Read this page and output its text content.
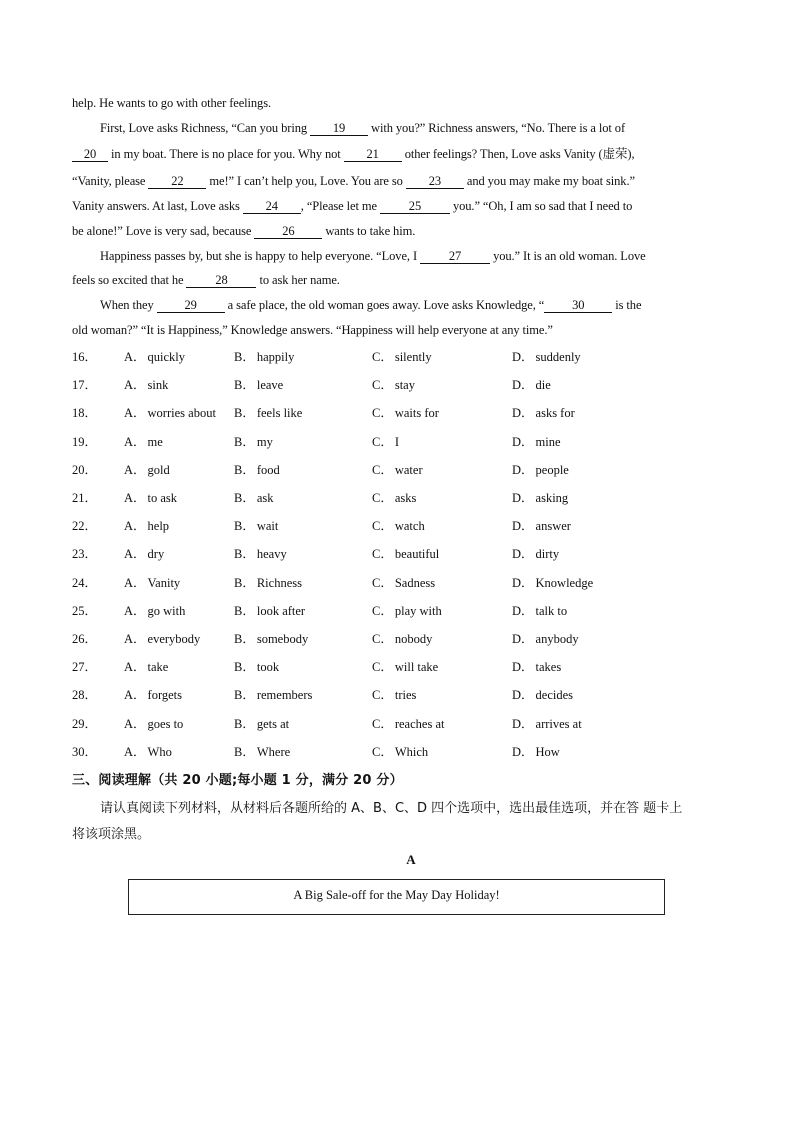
help. He wants to go with other feelings.
First, Love asks Richness, “Can you bring 19 with you?” Richness answers, “No. There is a lot of
20 in my boat. There is no place for you. Why not 21 other feelings? Then, Love asks Vanity (虚荣),
“Vanity, please 22 me!” I can’t help you, Love. You are so 23 and you may make my boat sink.”
Vanity answers. At last, Love asks 24 , “Please let me 25 you.” “Oh, I am so sad that I need to
be alone!” Love is very sad, because 26 wants to take him.
Happiness passes by, but she is happy to help everyone. “Love, I 27 you.” It is an old woman. Love
feels so excited that he 28 to ask her name.
When they 29 a safe place, the old woman goes away. Love asks Knowledge, “ 30 is the
old woman?” “It is Happiness,” Knowledge answers. “Happiness will help everyone at any time.”
16． A． quickly	B． happily	C． silently	D． suddenly
17． A． sink	B． leave	C． stay	D． die
18． A． worries about B． feels like	C． waits for	D． asks for
19． A． me	B． my	C． I	D． mine
20． A． gold	B． food	C． water	D． people
21． A． to ask	B． ask	C． asks	D． asking
22． A． help	B． wait	C． watch	D． answer
23． A． dry	B． heavy	C． beautiful	D． dirty
24． A． Vanity	B． Richness	C． Sadness	D． Knowledge
25． A． go with	B． look after	C． play with	D． talk to
26． A． everybody	B． somebody	C． nobody	D． anybody
27． A． take	B． took	C． will take	D． takes
28． A． forgets	B． remembers	C． tries	D． decides
29． A． goes to	B． gets at	C． reaches at	D． arrives at
30． A． Who	B． Where	C． Which	D． How
三、阅读理解（共 20 小题;每小题 1 分，满分 20 分）
请认真阅读下列材料，从材料后各题所给的 A、B、C、D 四个选项中，选出最佳选项，并在答 题卡上
将该项涂黑。
A
A Big Sale-off for the May Day Holiday!
